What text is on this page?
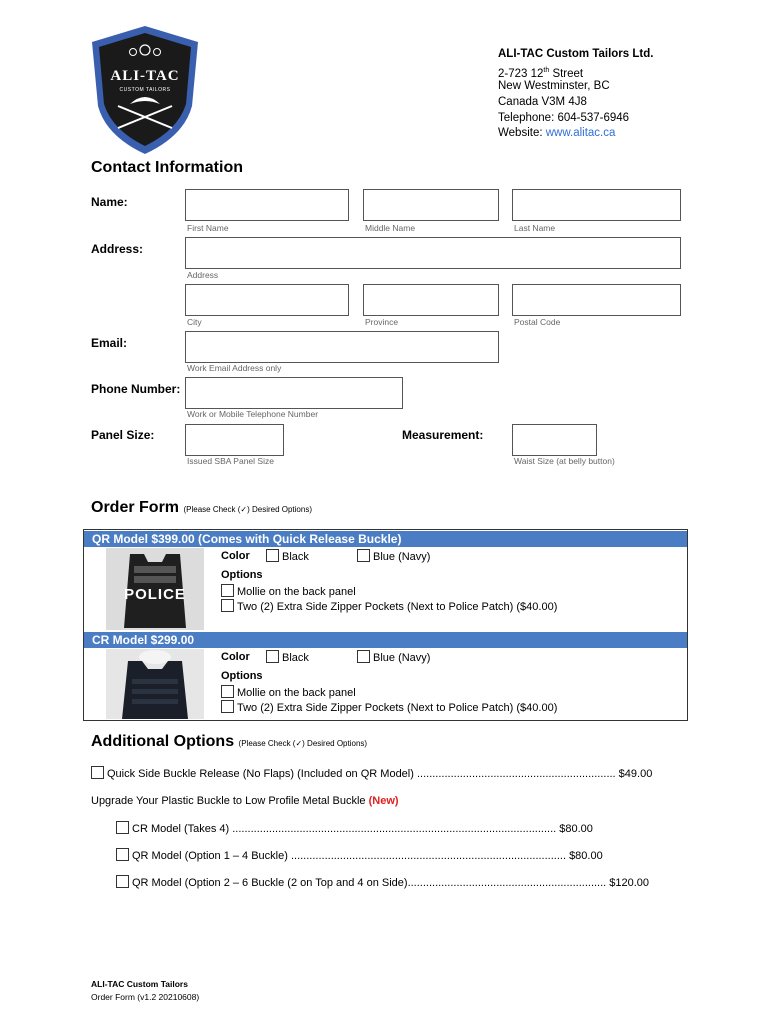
ALI-TAC
CUSTOM TAILORS
ALI-TAC Custom Tailors Ltd.
2-723 12th Street
New Westminster, BC
Canada V3M 4J8
Telephone: 604-537-6946
Website: www.alitac.ca
Contact Information
Name:
First Name	Middle Name	Last Name
Address:
Address
City	Province	Postal Code
Email:
Work Email Address only
Phone Number:
Work or Mobile Telephone Number
Panel Size:
Issued SBA Panel Size
Measurement:
Waist Size (at belly button)
Order Form (Please Check (✓) Desired Options)
QR Model $399.00 (Comes with Quick Release Buckle)
POLICE
Color	Black	Blue (Navy)
Options
Mollie on the back panel
Two (2) Extra Side Zipper Pockets (Next to Police Patch) ($40.00)
CR Model $299.00
Color	Black	Blue (Navy)
Options
Mollie on the back panel
Two (2) Extra Side Zipper Pockets (Next to Police Patch) ($40.00)
Additional Options (Please Check (✓) Desired Options)
Quick Side Buckle Release (No Flaps) (Included on QR Model) ................................................................. $49.00
Upgrade Your Plastic Buckle to Low Profile Metal Buckle (New)
CR Model (Takes 4) .......................................................................................................... $80.00
QR Model (Option 1 – 4 Buckle) .......................................................................................... $80.00
QR Model (Option 2 – 6 Buckle (2 on Top and 4 on Side)................................................................. $120.00
ALI-TAC Custom Tailors
Order Form (v1.2 20210608)
